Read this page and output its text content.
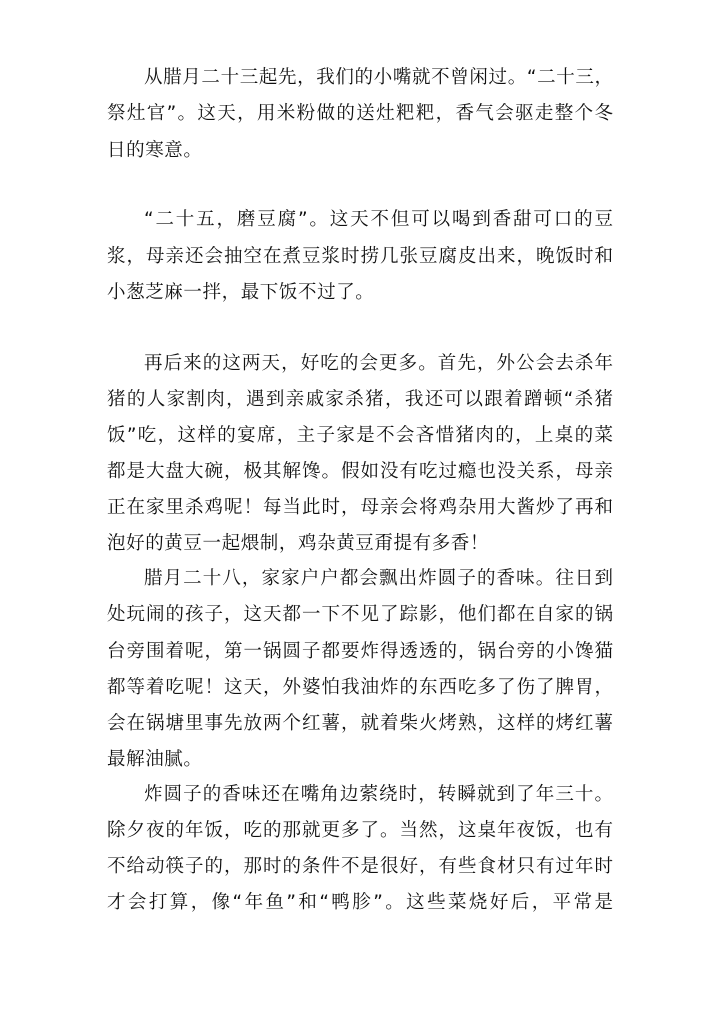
从腊月二十三起先，我们的小嘴就不曾闲过。“二十三，
祭灶官”。这天，用米粉做的送灶粑粑，香气会驱走整个冬
日的寒意。
“二十五，磨豆腐”。这天不但可以喝到香甜可口的豆
浆，母亲还会抽空在煮豆浆时捞几张豆腐皮出来，晚饭时和
小葱芝麻一拌，最下饭不过了。
再后来的这两天，好吃的会更多。首先，外公会去杀年
猪的人家割肉，遇到亲戚家杀猪，我还可以跟着蹭顿“杀猪
饭”吃，这样的宴席，主子家是不会吝惜猪肉的，上桌的菜
都是大盘大碗，极其解馋。假如没有吃过瘾也没关系，母亲
正在家里杀鸡呢！每当此时，母亲会将鸡杂用大酱炒了再和
泡好的黄豆一起煨制，鸡杂黄豆甭提有多香！
腊月二十八，家家户户都会飘出炸圆子的香味。往日到
处玩闹的孩子，这天都一下不见了踪影，他们都在自家的锅
台旁围着呢，第一锅圆子都要炸得透透的，锅台旁的小馋猫
都等着吃呢！这天，外婆怕我油炸的东西吃多了伤了脾胃，
会在锅塘里事先放两个红薯，就着柴火烤熟，这样的烤红薯
最解油腻。
炸圆子的香味还在嘴角边萦绕时，转瞬就到了年三十。
除夕夜的年饭，吃的那就更多了。当然，这桌年夜饭，也有
不给动筷子的，那时的条件不是很好，有些食材只有过年时
才会打算，像“年鱼”和“鸭胗”。这些菜烧好后，平常是
